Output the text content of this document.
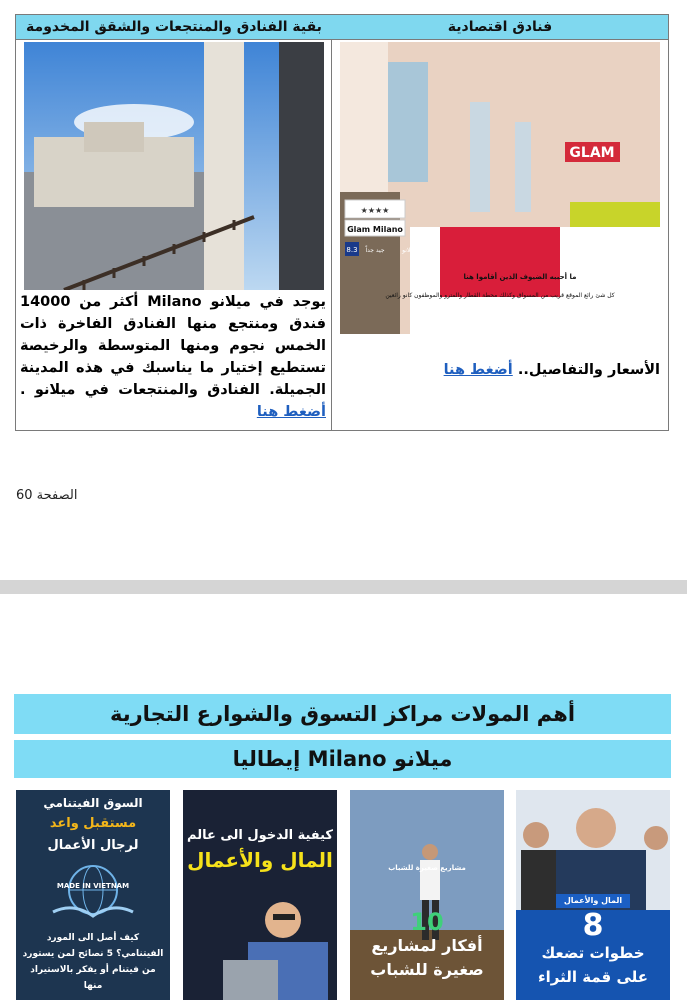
فنادق اقتصادية
GLAM
★★★★
Glam Milano
8.3 جيد جداً	غلام ميلانو
ما أحببه الضيوف الذين أقاموا هنا
كل شئ رائع الموقع قريب من المسواق وكذلك محطة القطار والمترو والموظفون كانو رائعين
الأسعار والتفاصيل.. أضغط هنا
بقية الفنادق والمنتجعات والشقق المخدومة
يوجد في ميلانو Milano أكثر من 14000 فندق ومنتجع منها الفنادق الفاخرة ذات الخمس نجوم ومنها المتوسطة والرخيصة تستطيع إختيار ما يناسبك في هذه المدينة الجميلة. الفنادق والمنتجعات في ميلانو . أضغط هنا
الصفحة 60
أهم المولات مراكز التسوق والشوارع التجارية
ميلانو Milano إيطاليا
السوق الفيتنامي
مستقبل واعد
لرجال الأعمال
MADE IN VIETNAM
كيف أصل الى المورد الفيتنامي؟ 5 نصائح لمن يستورد من فيتنام أو يفكر بالاستيراد منها
كيفية الدخول الى عالم
المال والأعمال	مشاريع صغيرة للشباب
10
أفكار لمشاريع
صغيرة للشباب
المال والأعمال
8
خطوات تضعك
على قمة الثراء
